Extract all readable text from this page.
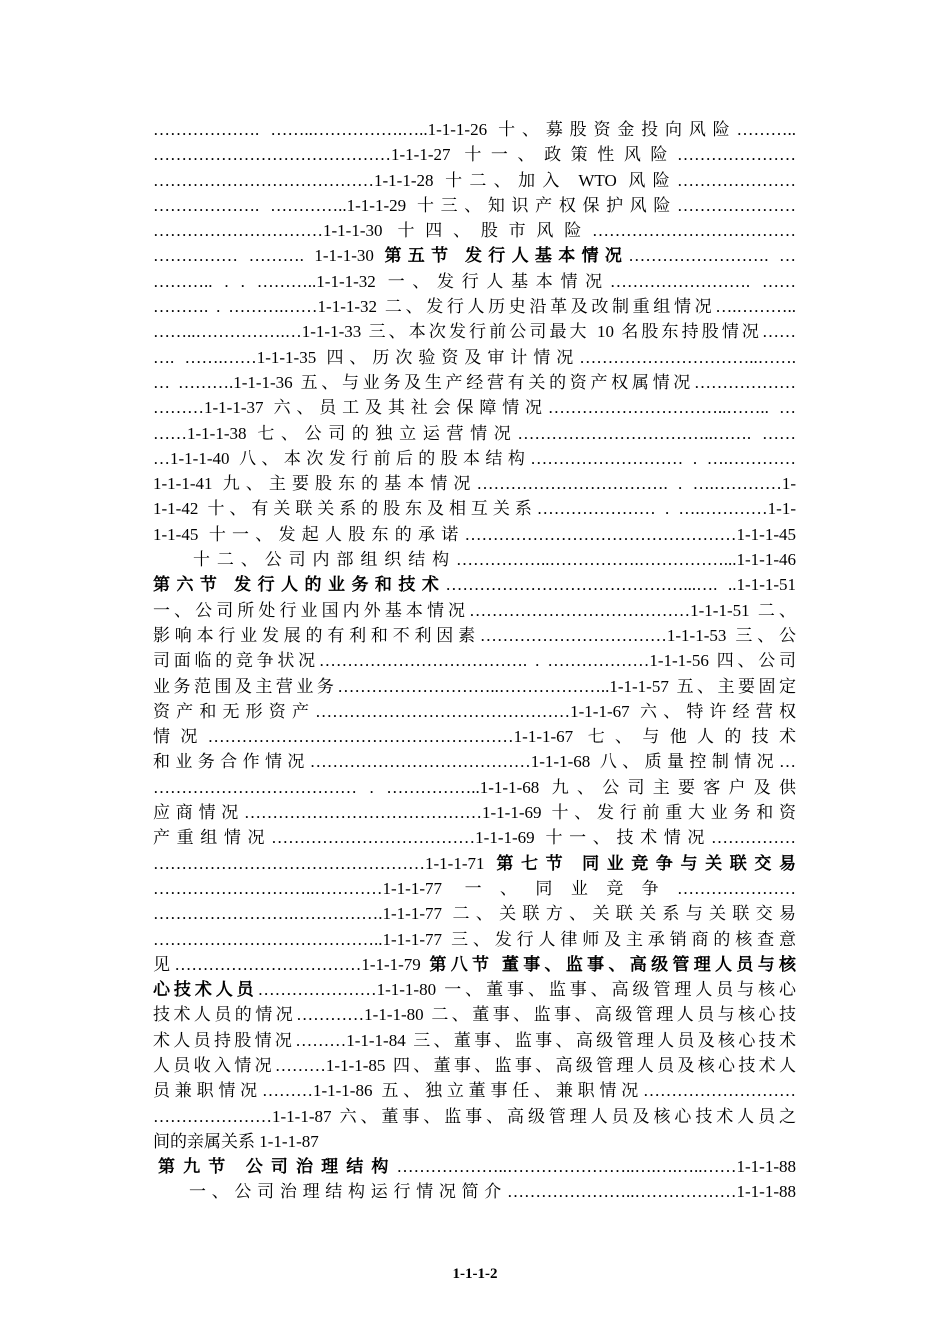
………………. ……..…………….…..1-1-1-26 十、募股资金投向风险………..
……………………………………1-1-1-27 十一、政策性风险…………………
…………………………………1-1-1-28 十二、加入 WTO 风险…………………
………………. …………..1-1-1-29 十三、知识产权保护风险…………………
…………………………1-1-1-30 十四、股市风险………………………………
…………… ………. 1-1-1-30 第五节 发行人基本情况……………………. …
……….. . . ………..1-1-1-32 一、发行人基本情况……………………. ……
………. . ……….……1-1-1-32 二、发行人历史沿革及改制重组情况….………..
……..…………….…1-1-1-33 三、本次发行前公司最大 10 名股东持股情况……
…. …….……1-1-1-35 四、历次验资及审计情况…………………………..…….
… ……….1-1-1-36 五、与业务及生产经营有关的资产权属情况………………
………1-1-1-37 六、员工及其社会保障情况…………………………..…….. …
……1-1-1-38 七、公司的独立运营情况……………………………..……. ……
…1-1-1-40 八、本次发行前后的股本结构……………………… . ….…………
1-1-1-41 九、主要股东的基本情况……………………………. . ….…………1-
1-1-42 十、有关联关系的股东及相互关系………………… . ….…………1-1-
1-1-45 十一、发起人股东的承诺…………………………………………1-1-1-45
十二、公司内部组织结构……………..…………….……………...1-1-1-46
第六节 发行人的业务和技术……………………………………...…. ..1-1-1-51
一、公司所处行业国内外基本情况…………………………………1-1-1-51 二、
影响本行业发展的有利和不利因素……………………………1-1-1-53 三、公
司面临的竞争状况………………………………. . ………………1-1-1-56 四、公司
业务范围及主营业务………………………..………………..1-1-1-57 五、主要固定
资产和无形资产………………………………………1-1-1-67 六、特许经营权
情况………………………………………………1-1-1-67 七、与他人的技术
和业务合作情况…………………………………1-1-1-68 八、质量控制情况…
……………………………… . ……………..1-1-1-68 九、公司主要客户及供
应商情况……………………………………1-1-1-69 十、发行前重大业务和资
产重组情况………………………………1-1-1-69 十一、技术情况……………
…………………………………………1-1-1-71 第七节 同业竞争与关联交易
………………………..…………1-1-1-77 一、同业竞争…………………
…………………….…………….1-1-1-77 二、关联方、关联关系与关联交易
…………………………………..1-1-1-77 三、发行人律师及主承销商的核查意
见……………………………1-1-1-79 第八节 董事、监事、高级管理人员与核
心技术人员…………………1-1-1-80 一、董事、监事、高级管理人员与核心
技术人员的情况…………1-1-1-80 二、董事、监事、高级管理人员与核心技
术人员持股情况………1-1-1-84 三、董事、监事、高级管理人员及核心技术
人员收入情况………1-1-1-85 四、董事、监事、高级管理人员及核心技术人
员兼职情况………1-1-1-86 五、独立董事任、兼职情况………………………
…………………1-1-1-87 六、董事、监事、高级管理人员及核心技术人员之
间的亲属关系 1-1-1-87
第九节 公司治理结构………………..…………………..….….…..……1-1-1-88
一、公司治理结构运行情况简介…………………..………………1-1-1-88
1-1-1-2
